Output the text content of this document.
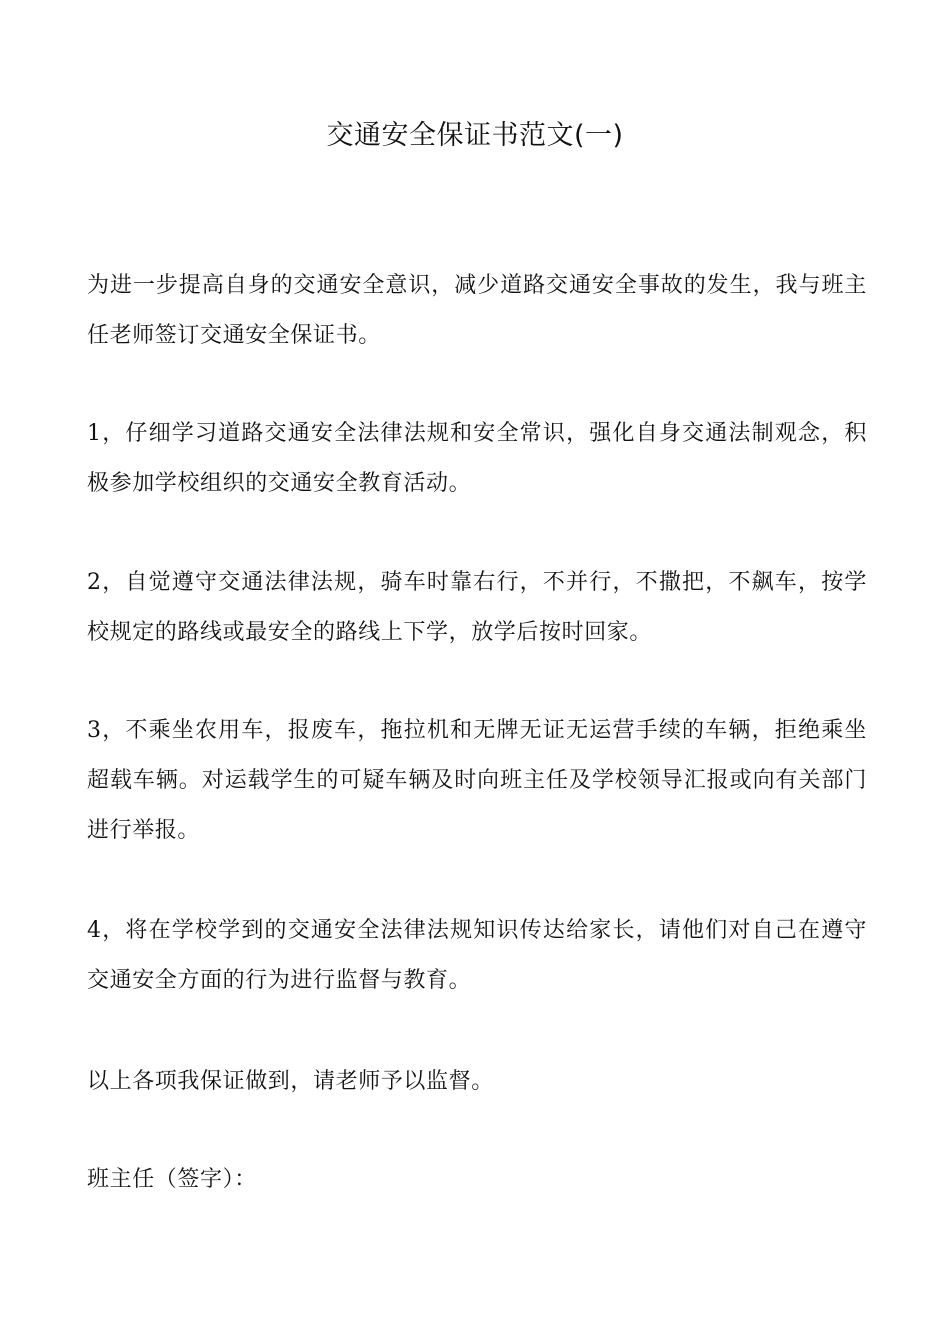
交通安全保证书范文(一)

为进一步提高自身的交通安全意识，减少道路交通安全事故的发生，我与班主任老师签订交通安全保证书。

1，仔细学习道路交通安全法律法规和安全常识，强化自身交通法制观念，积极参加学校组织的交通安全教育活动。

2，自觉遵守交通法律法规，骑车时靠右行，不并行，不撒把，不飙车，按学校规定的路线或最安全的路线上下学，放学后按时回家。

3，不乘坐农用车，报废车，拖拉机和无牌无证无运营手续的车辆，拒绝乘坐超载车辆。对运载学生的可疑车辆及时向班主任及学校领导汇报或向有关部门进行举报。

4，将在学校学到的交通安全法律法规知识传达给家长，请他们对自己在遵守交通安全方面的行为进行监督与教育。

以上各项我保证做到，请老师予以监督。

班主任（签字）：
